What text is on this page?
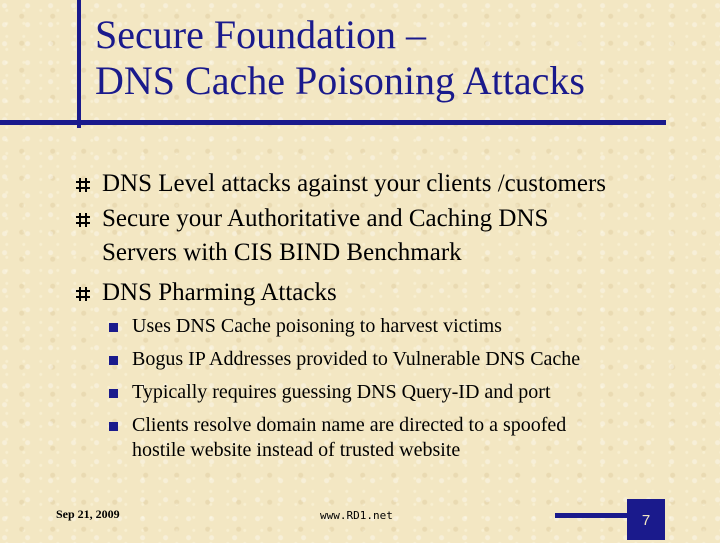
Secure Foundation –
DNS Cache Poisoning Attacks
DNS Level attacks against your clients /customers
Secure your Authoritative and Caching DNS
Servers with CIS BIND Benchmark
DNS Pharming Attacks
Uses DNS Cache poisoning to harvest victims
Bogus IP Addresses provided to Vulnerable DNS Cache
Typically requires guessing DNS Query-ID and port
Clients resolve domain name are directed to a spoofed
hostile website instead of trusted website
Sep 21, 2009	www.RD1.net	7
